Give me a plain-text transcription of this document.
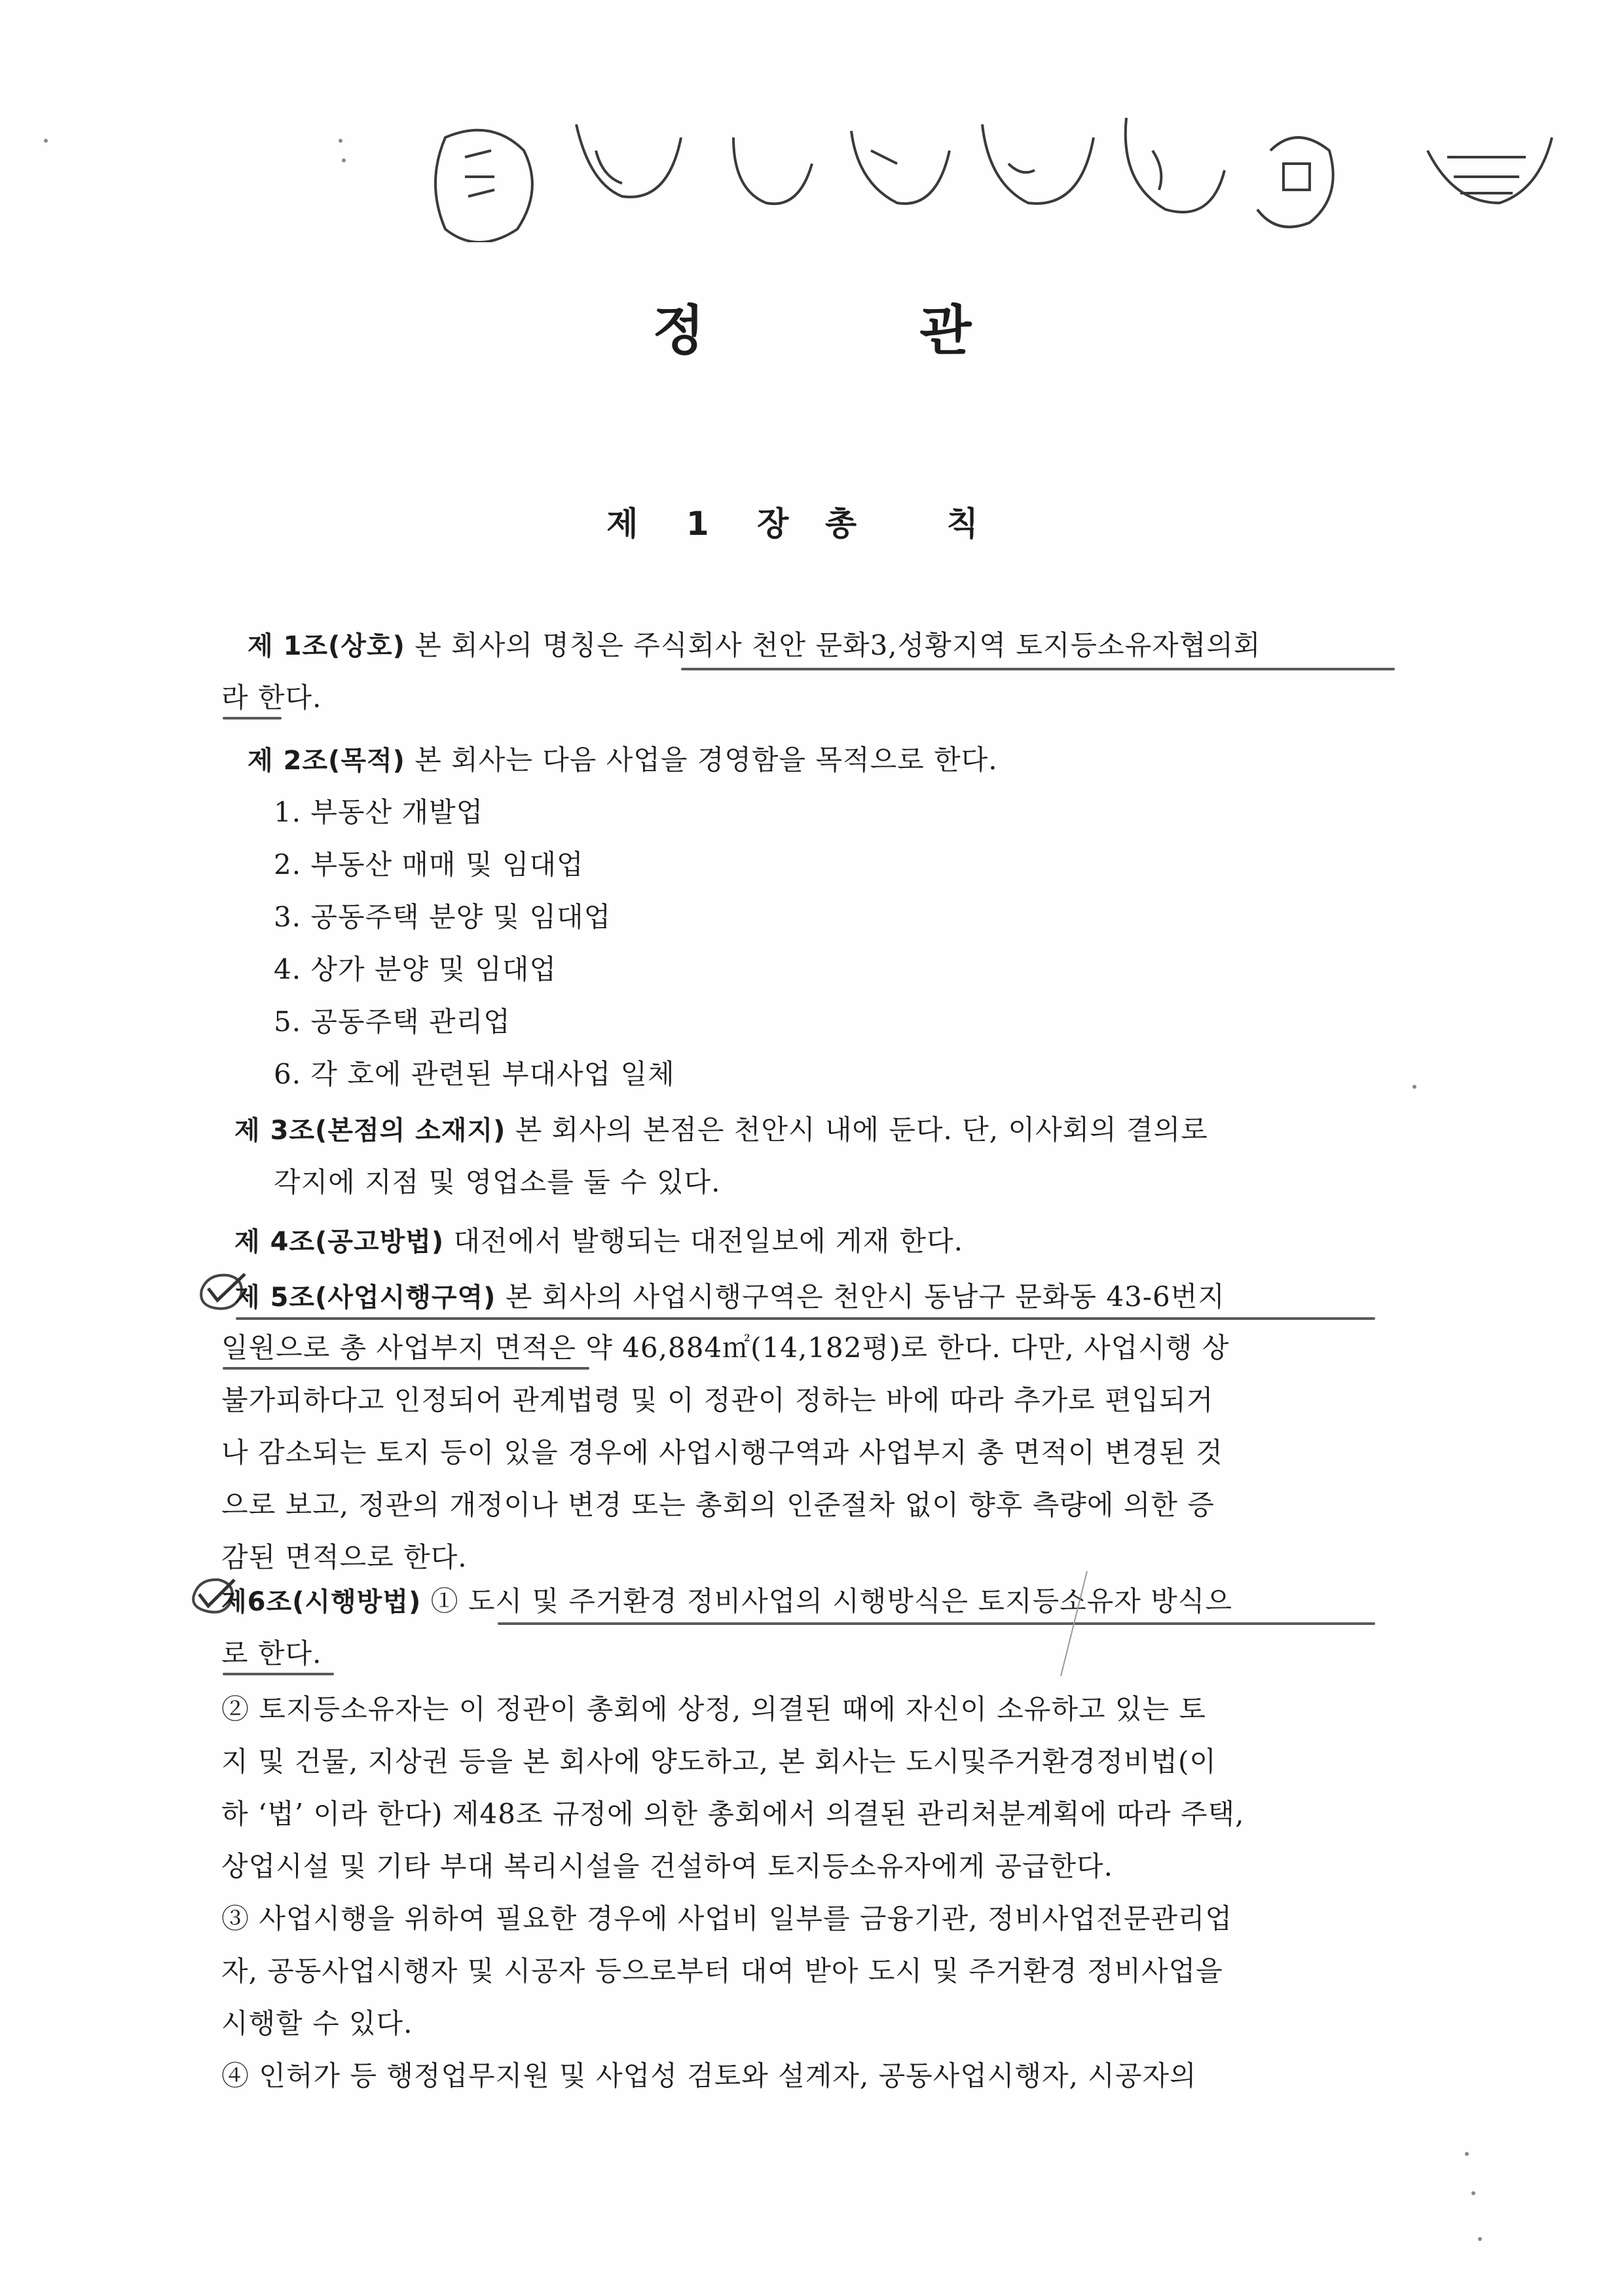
정 관
제 1 장 총 칙
제 1조(상호) 본 회사의 명칭은 주식회사 천안 문화3,성황지역 토지등소유자협의회
라 한다.
제 2조(목적) 본 회사는 다음 사업을 경영함을 목적으로 한다.
1. 부동산 개발업
2. 부동산 매매 및 임대업
3. 공동주택 분양 및 임대업
4. 상가 분양 및 임대업
5. 공동주택 관리업
6. 각 호에 관련된 부대사업 일체
제 3조(본점의 소재지) 본 회사의 본점은 천안시 내에 둔다. 단, 이사회의 결의로
각지에 지점 및 영업소를 둘 수 있다.
제 4조(공고방법) 대전에서 발행되는 대전일보에 게재 한다.
제 5조(사업시행구역) 본 회사의 사업시행구역은 천안시 동남구 문화동 43-6번지
일원으로 총 사업부지 면적은 약 46,884㎡(14,182평)로 한다. 다만, 사업시행 상
불가피하다고 인정되어 관계법령 및 이 정관이 정하는 바에 따라 추가로 편입되거
나 감소되는 토지 등이 있을 경우에 사업시행구역과 사업부지 총 면적이 변경된 것
으로 보고, 정관의 개정이나 변경 또는 총회의 인준절차 없이 향후 측량에 의한 증
감된 면적으로 한다.
제6조(시행방법) ① 도시 및 주거환경 정비사업의 시행방식은 토지등소유자 방식으
로 한다.
② 토지등소유자는 이 정관이 총회에 상정, 의결된 때에 자신이 소유하고 있는 토
지 및 건물, 지상권 등을 본 회사에 양도하고, 본 회사는 도시및주거환경정비법(이
하 ‘법’ 이라 한다) 제48조 규정에 의한 총회에서 의결된 관리처분계획에 따라 주택,
상업시설 및 기타 부대 복리시설을 건설하여 토지등소유자에게 공급한다.
③ 사업시행을 위하여 필요한 경우에 사업비 일부를 금융기관, 정비사업전문관리업
자, 공동사업시행자 및 시공자 등으로부터 대여 받아 도시 및 주거환경 정비사업을
시행할 수 있다.
④ 인허가 등 행정업무지원 및 사업성 검토와 설계자, 공동사업시행자, 시공자의
